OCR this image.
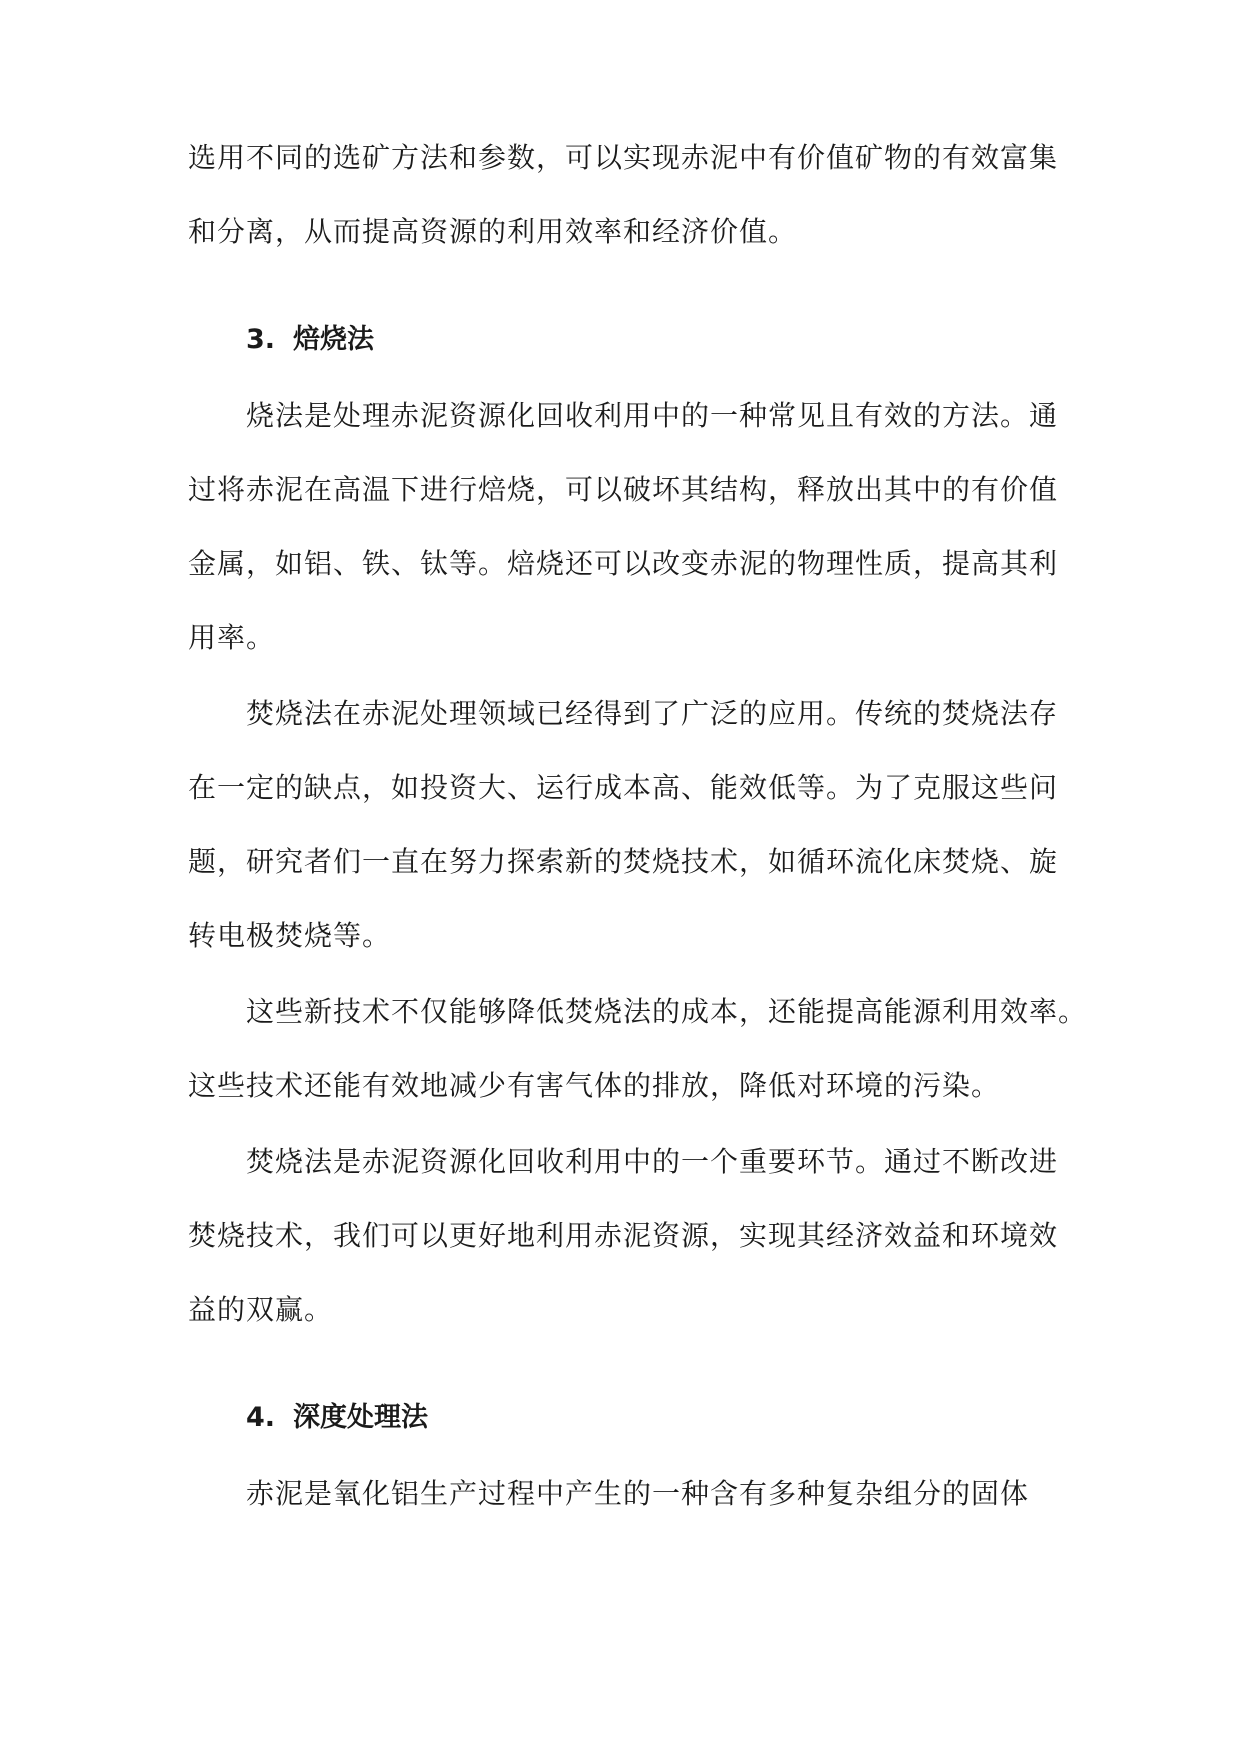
选用不同的选矿方法和参数，可以实现赤泥中有价值矿物的有效富集
和分离，从而提高资源的利用效率和经济价值。
3. 焙烧法
烧法是处理赤泥资源化回收利用中的一种常见且有效的方法。通
过将赤泥在高温下进行焙烧，可以破坏其结构，释放出其中的有价值
金属，如铝、铁、钛等。焙烧还可以改变赤泥的物理性质，提高其利
用率。
焚烧法在赤泥处理领域已经得到了广泛的应用。传统的焚烧法存
在一定的缺点，如投资大、运行成本高、能效低等。为了克服这些问
题，研究者们一直在努力探索新的焚烧技术，如循环流化床焚烧、旋
转电极焚烧等。
这些新技术不仅能够降低焚烧法的成本，还能提高能源利用效率。
这些技术还能有效地减少有害气体的排放，降低对环境的污染。
焚烧法是赤泥资源化回收利用中的一个重要环节。通过不断改进
焚烧技术，我们可以更好地利用赤泥资源，实现其经济效益和环境效
益的双赢。
4. 深度处理法
赤泥是氧化铝生产过程中产生的一种含有多种复杂组分的固体
